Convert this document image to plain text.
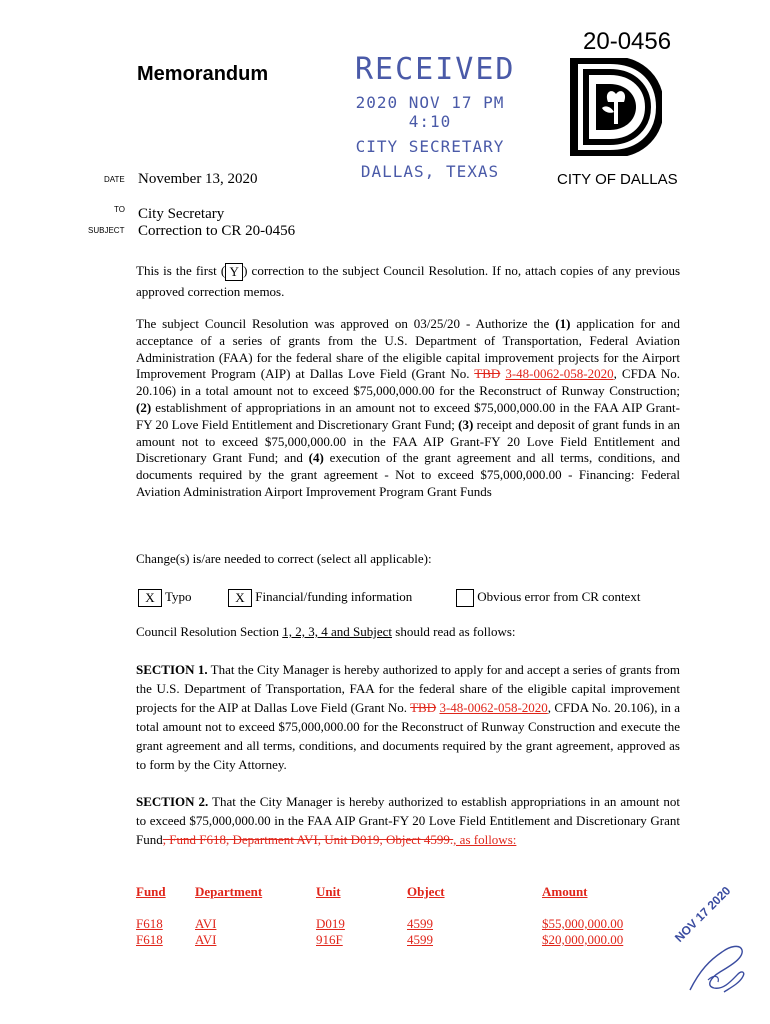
20-0456
Memorandum	RECEIVED
2020 NOV 17 PM 4:10
CITY SECRETARY
DALLAS, TEXAS	CITY OF DALLAS
DATE November 13, 2020
TO City Secretary
SUBJECT Correction to CR 20-0456
This is the first ( Y ) correction to the subject Council Resolution. If no, attach copies of any previous approved correction memos.
The subject Council Resolution was approved on 03/25/20 - Authorize the (1) application for and acceptance of a series of grants from the U.S. Department of Transportation, Federal Aviation Administration (FAA) for the federal share of the eligible capital improvement projects for the Airport Improvement Program (AIP) at Dallas Love Field (Grant No. TBD 3-48-0062-058-2020, CFDA No. 20.106) in a total amount not to exceed $75,000,000.00 for the Reconstruct of Runway Construction; (2) establishment of appropriations in an amount not to exceed $75,000,000.00 in the FAA AIP Grant-FY 20 Love Field Entitlement and Discretionary Grant Fund; (3) receipt and deposit of grant funds in an amount not to exceed $75,000,000.00 in the FAA AIP Grant-FY 20 Love Field Entitlement and Discretionary Grant Fund; and (4) execution of the grant agreement and all terms, conditions, and documents required by the grant agreement - Not to exceed $75,000,000.00 - Financing: Federal Aviation Administration Airport Improvement Program Grant Funds
Change(s) is/are needed to correct (select all applicable):
X Typo	X Financial/funding information	Obvious error from CR context
Council Resolution Section 1, 2, 3, 4 and Subject should read as follows:
SECTION 1. That the City Manager is hereby authorized to apply for and accept a series of grants from the U.S. Department of Transportation, FAA for the federal share of the eligible capital improvement projects for the AIP at Dallas Love Field (Grant No. TBD 3-48-0062-058-2020, CFDA No. 20.106), in a total amount not to exceed $75,000,000.00 for the Reconstruct of Runway Construction and execute the grant agreement and all terms, conditions, and documents required by the grant agreement, approved as to form by the City Attorney.
SECTION 2. That the City Manager is hereby authorized to establish appropriations in an amount not to exceed $75,000,000.00 in the FAA AIP Grant-FY 20 Love Field Entitlement and Discretionary Grant Fund, Fund F618, Department AVI, Unit D019, Object 4599., as follows:
Fund Department	Unit	Object	Amount
F618 AVI	D019	4599	$55,000,000.00
F618 AVI	916F	4599	$20,000,000.00	NOV 17 2020
